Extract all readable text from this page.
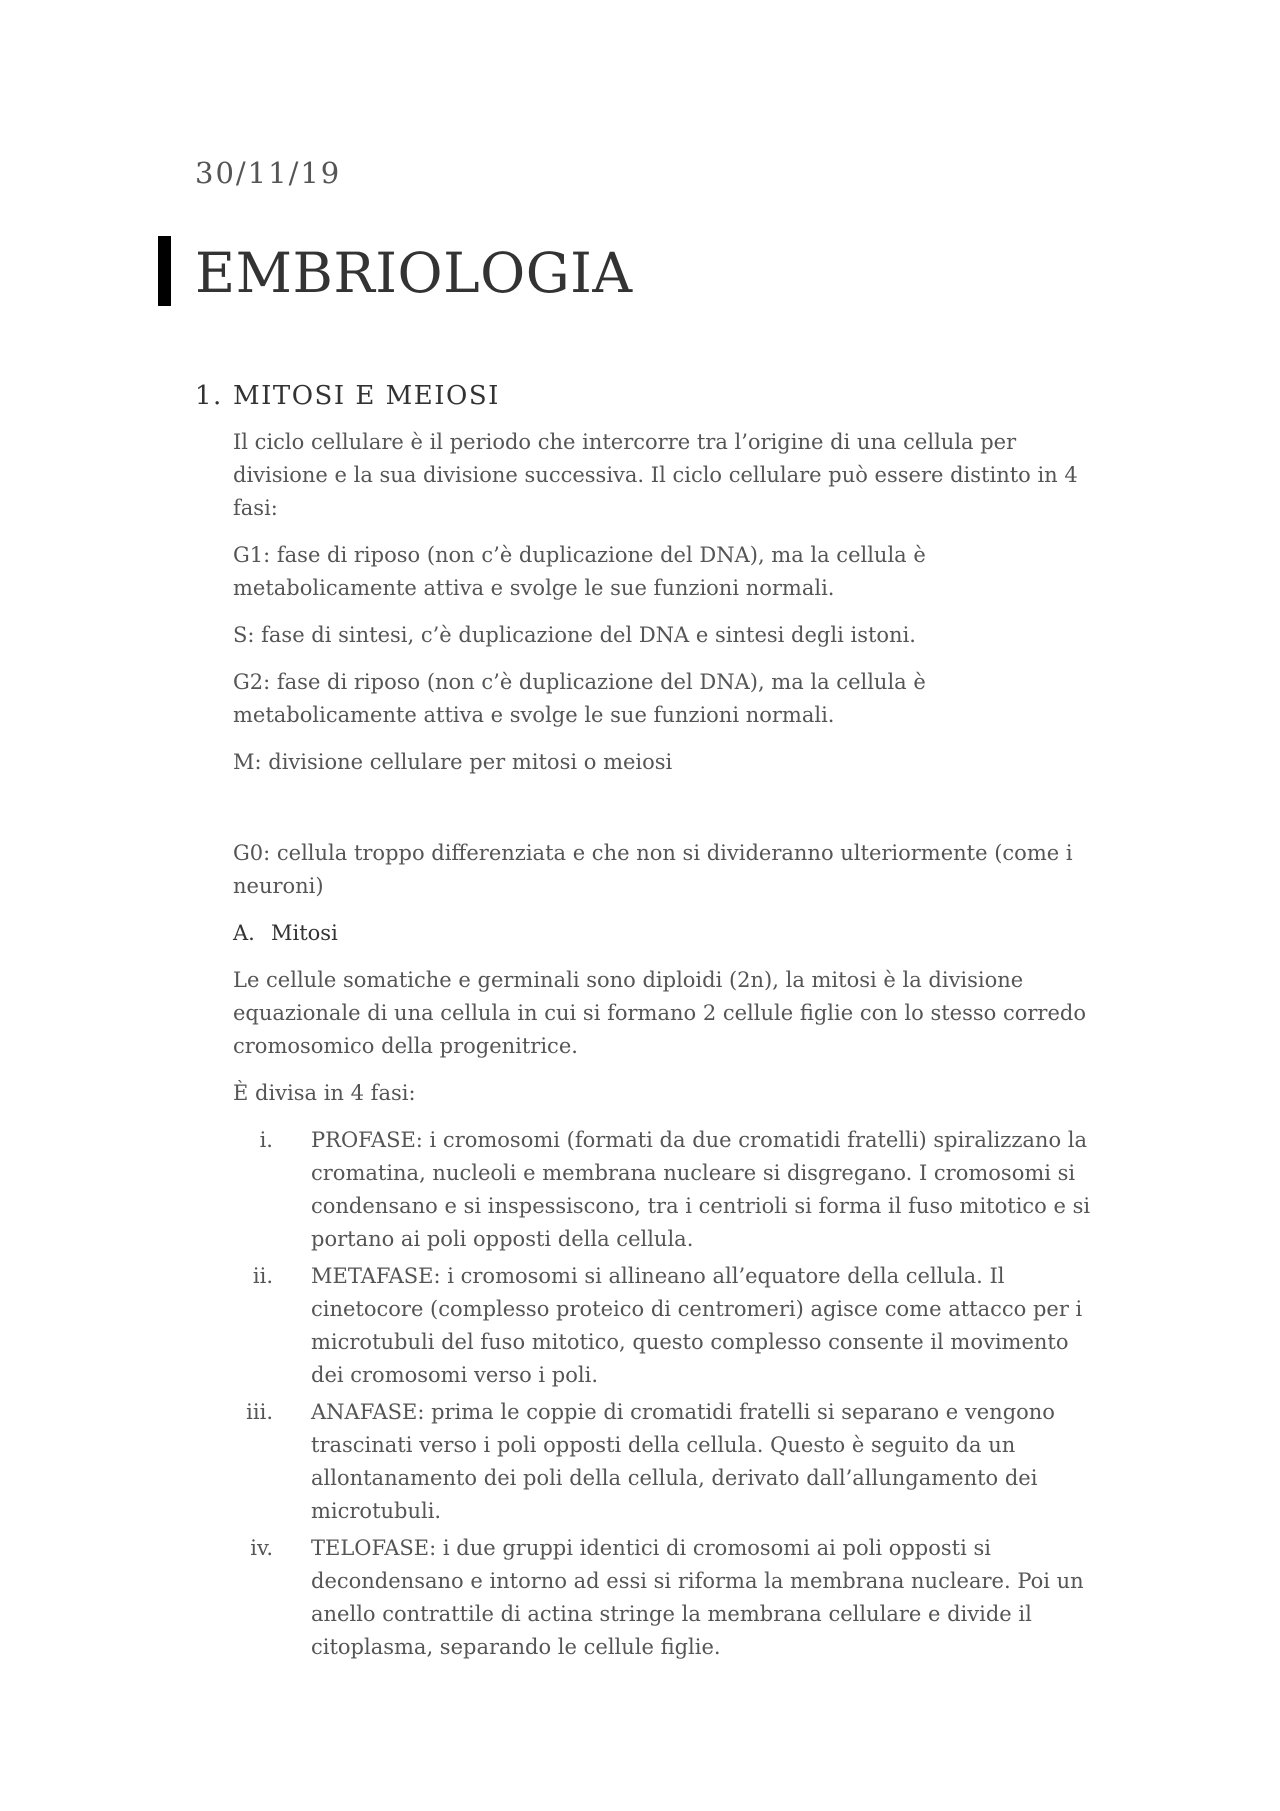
30/11/19
EMBRIOLOGIA
1. MITOSI E MEIOSI

Il ciclo cellulare è il periodo che intercorre tra l’origine di una cellula per divisione e la sua divisione successiva. Il ciclo cellulare può essere distinto in 4 fasi:

G1: fase di riposo (non c’è duplicazione del DNA), ma la cellula è metabolicamente attiva e svolge le sue funzioni normali.

S: fase di sintesi, c’è duplicazione del DNA e sintesi degli istoni.

G2: fase di riposo (non c’è duplicazione del DNA), ma la cellula è metabolicamente attiva e svolge le sue funzioni normali.

M: divisione cellulare per mitosi o meiosi

G0: cellula troppo differenziata e che non si divideranno ulteriormente (come i neuroni)

A. Mitosi

Le cellule somatiche e germinali sono diploidi (2n), la mitosi è la divisione equazionale di una cellula in cui si formano 2 cellule figlie con lo stesso corredo cromosomico della progenitrice.

È divisa in 4 fasi:

i.	PROFASE: i cromosomi (formati da due cromatidi fratelli) spiralizzano la cromatina, nucleoli e membrana nucleare si disgregano. I cromosomi si condensano e si inspessiscono, tra i centrioli si forma il fuso mitotico e si portano ai poli opposti della cellula.
ii.	METAFASE: i cromosomi si allineano all’equatore della cellula. Il cinetocore (complesso proteico di centromeri) agisce come attacco per i microtubuli del fuso mitotico, questo complesso consente il movimento dei cromosomi verso i poli.
iii.	ANAFASE: prima le coppie di cromatidi fratelli si separano e vengono trascinati verso i poli opposti della cellula. Questo è seguito da un allontanamento dei poli della cellula, derivato dall’allungamento dei microtubuli.
iv.	TELOFASE: i due gruppi identici di cromosomi ai poli opposti si decondensano e intorno ad essi si riforma la membrana nucleare. Poi un anello contrattile di actina stringe la membrana cellulare e divide il citoplasma, separando le cellule figlie.
